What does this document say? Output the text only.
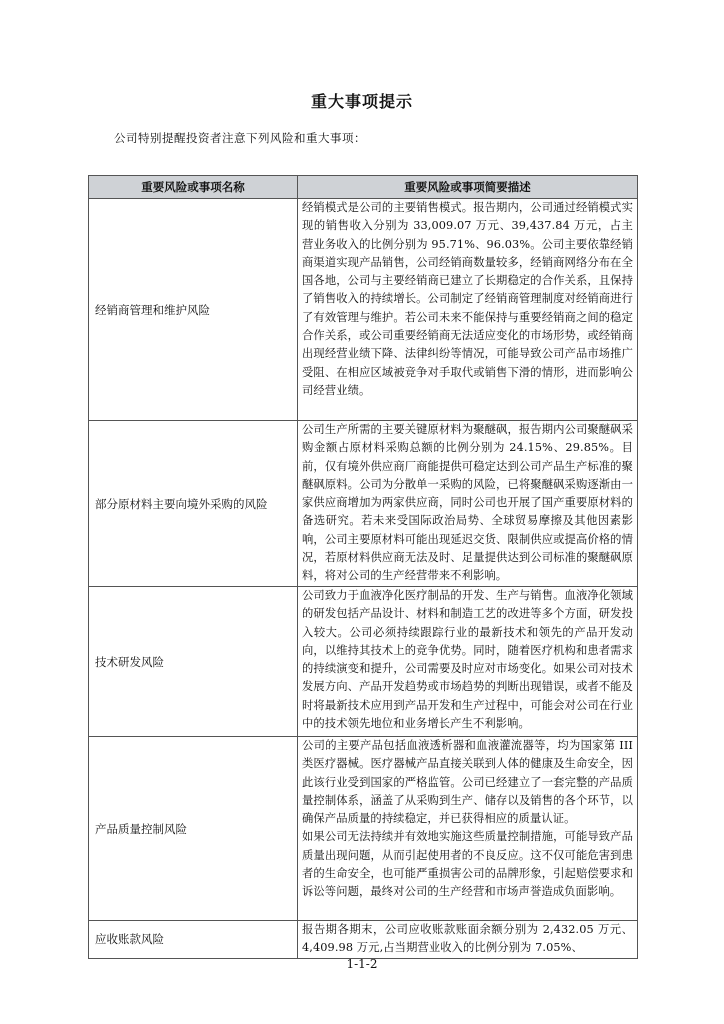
重大事项提示
公司特别提醒投资者注意下列风险和重大事项：
重要风险或事项名称	重要风险或事项简要描述
经销商管理和维护风险	经销模式是公司的主要销售模式。报告期内，公司通过经销模式实现的销售收入分别为 33,009.07 万元、39,437.84 万元，占主营业务收入的比例分别为 95.71%、96.03%。公司主要依靠经销商渠道实现产品销售，公司经销商数量较多，经销商网络分布在全国各地，公司与主要经销商已建立了长期稳定的合作关系，且保持了销售收入的持续增长。公司制定了经销商管理制度对经销商进行了有效管理与维护。若公司未来不能保持与重要经销商之间的稳定合作关系，或公司重要经销商无法适应变化的市场形势，或经销商出现经营业绩下降、法律纠纷等情况，可能导致公司产品市场推广受阻、在相应区域被竞争对手取代或销售下滑的情形，进而影响公司经营业绩。

部分原材料主要向境外采购的风险	公司生产所需的主要关键原材料为聚醚砜，报告期内公司聚醚砜采购金额占原材料采购总额的比例分别为 24.15%、29.85%。目前，仅有境外供应商厂商能提供可稳定达到公司产品生产标准的聚醚砜原料。公司为分散单一采购的风险，已将聚醚砜采购逐渐由一家供应商增加为两家供应商，同时公司也开展了国产重要原材料的备选研究。若未来受国际政治局势、全球贸易摩擦及其他因素影响，公司主要原材料可能出现延迟交货、限制供应或提高价格的情况，若原材料供应商无法及时、足量提供达到公司标准的聚醚砜原料，将对公司的生产经营带来不利影响。

技术研发风险	公司致力于血液净化医疗制品的开发、生产与销售。血液净化领域的研发包括产品设计、材料和制造工艺的改进等多个方面，研发投入较大。公司必须持续跟踪行业的最新技术和领先的产品开发动向，以维持其技术上的竞争优势。同时，随着医疗机构和患者需求的持续演变和提升，公司需要及时应对市场变化。如果公司对技术发展方向、产品开发趋势或市场趋势的判断出现错误，或者不能及时将最新技术应用到产品开发和生产过程中，可能会对公司在行业中的技术领先地位和业务增长产生不利影响。

产品质量控制风险	公司的主要产品包括血液透析器和血液灌流器等，均为国家第 III 类医疗器械。医疗器械产品直接关联到人体的健康及生命安全，因此该行业受到国家的严格监管。公司已经建立了一套完整的产品质量控制体系，涵盖了从采购到生产、储存以及销售的各个环节，以确保产品质量的持续稳定，并已获得相应的质量认证。
如果公司无法持续并有效地实施这些质量控制措施，可能导致产品质量出现问题，从而引起使用者的不良反应。这不仅可能危害到患者的生命安全，也可能严重损害公司的品牌形象，引起赔偿要求和诉讼等问题，最终对公司的生产经营和市场声誉造成负面影响。

应收账款风险	报告期各期末，公司应收账款账面余额分别为 2,432.05 万元、4,409.98 万元,占当期营业收入的比例分别为 7.05%、
1-1-2
